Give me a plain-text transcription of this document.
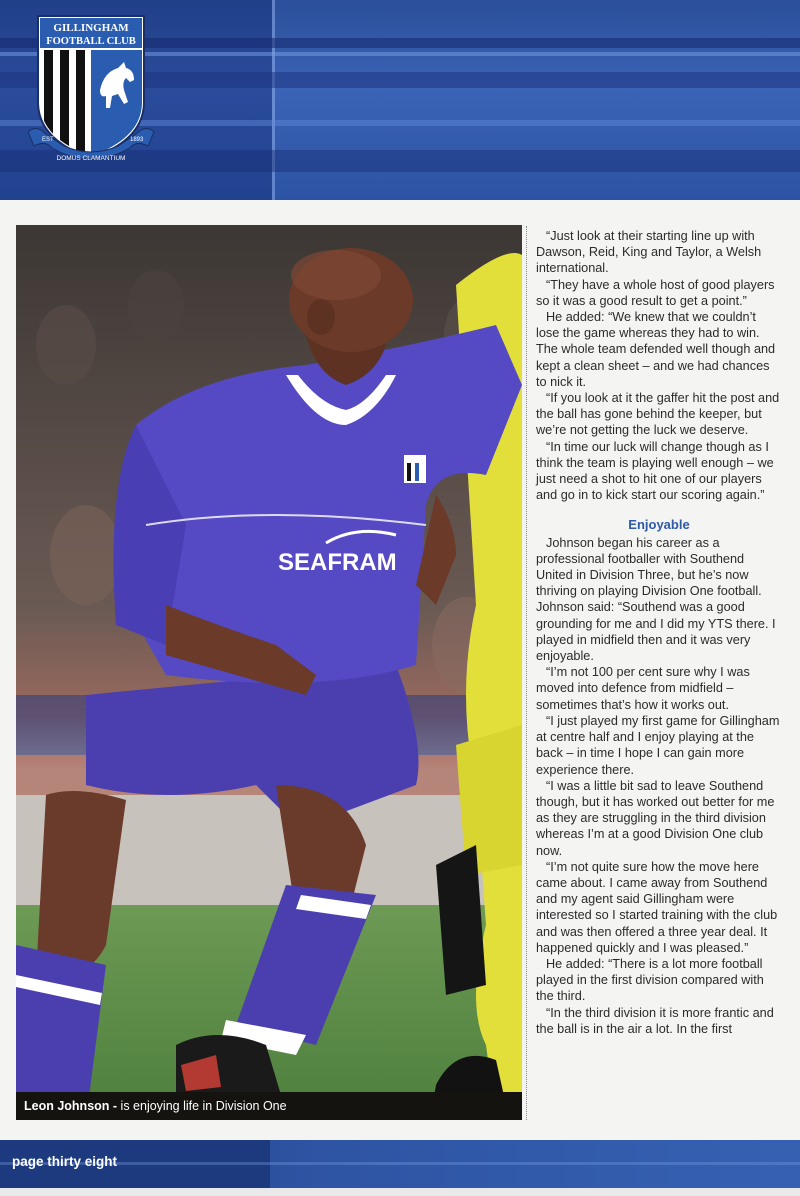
GILLINGHAM
FOOTBALL CLUB
EST	1893
DOMUS CLAMANTIUM
SEAFRAM
Leon Johnson - is enjoying life in Division One

“Just look at their starting line up with Dawson, Reid, King and Taylor, a Welsh international.

“They have a whole host of good players so it was a good result to get a point.”

He added: “We knew that we couldn’t lose the game whereas they had to win. The whole team defended well though and kept a clean sheet – and we had chances to nick it.

“If you look at it the gaffer hit the post and the ball has gone behind the keeper, but we’re not getting the luck we deserve.

“In time our luck will change though as I think the team is playing well enough – we just need a shot to hit one of our players and go in to kick start our scoring again.”

Enjoyable

Johnson began his career as a professional footballer with Southend United in Division Three, but he’s now thriving on playing Division One football. Johnson said: “Southend was a good grounding for me and I did my YTS there. I played in midfield then and it was very enjoyable.

“I’m not 100 per cent sure why I was moved into defence from midfield – sometimes that’s how it works out.

“I just played my first game for Gillingham at centre half and I enjoy playing at the back – in time I hope I can gain more experience there.

“I was a little bit sad to leave Southend though, but it has worked out better for me as they are struggling in the third division whereas I’m at a good Division One club now.

“I’m not quite sure how the move here came about. I came away from Southend and my agent said Gillingham were interested so I started training with the club and was then offered a three year deal. It happened quickly and I was pleased.”

He added: “There is a lot more football played in the first division compared with the third.

“In the third division it is more frantic and the ball is in the air a lot. In the first

page thirty eight
